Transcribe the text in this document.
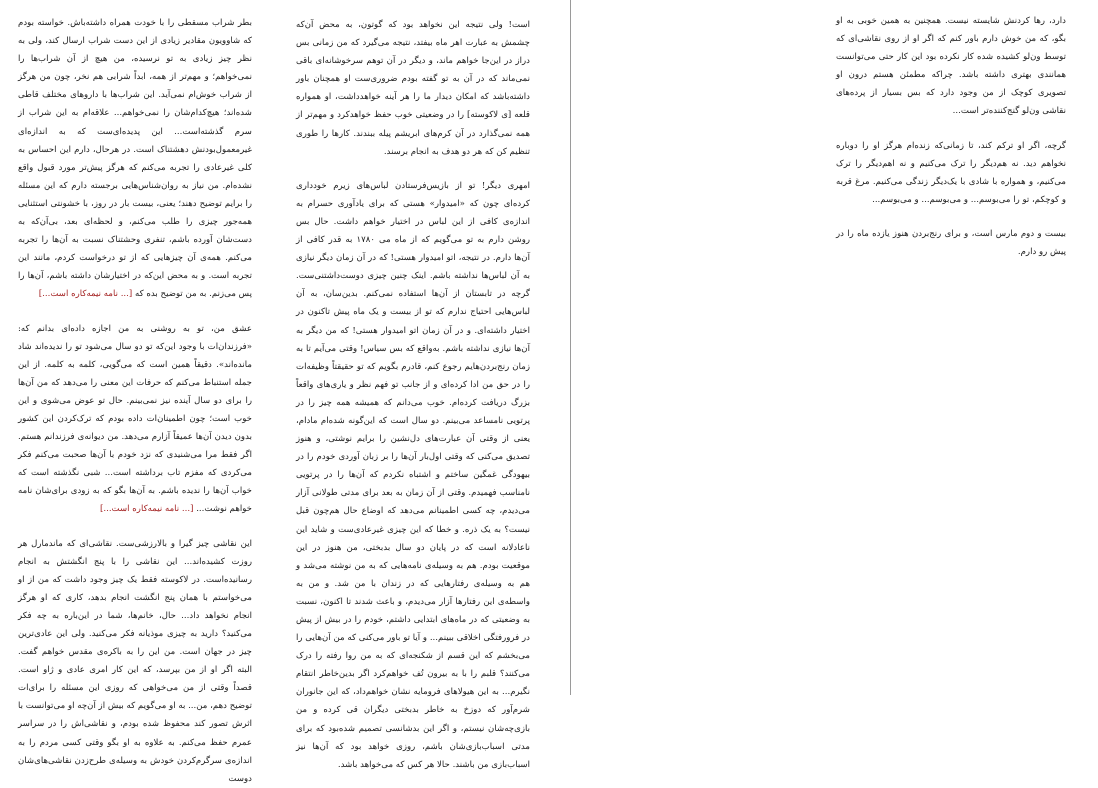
دارد، رها کردنش شایسته نیست. همچنین به همین خوبی به او بگو، که من خوش دارم باور کنم که اگر او از روی نقاشی‌ای که توسط ون‌لو کشیده شده کار نکرده بود این کار حتی می‌توانست همانندی بهتری داشته باشد. چراکه مطمئن هستم درون او تصویری کوچک از من وجود دارد که بس بسیار از پرده‌های نقاشی ون‌لو گنج‌کننده‌تر است...

گرچه، اگر او ترکم کند، تا زمانی‌که زنده‌ام هرگز او را دوباره نخواهم دید. نه هم‌دیگر را ترک می‌کنیم و نه اهم‌دیگر را ترک می‌کنیم، و همواره با شادی با یک‌دیگر زندگی می‌کنیم. مرغ قربه و کوچکم، تو را می‌بوسم... و می‌بوسم... و می‌بوسم...

بیست و دوم مارس است، و برای رنج‌بردن هنوز یازده ماه را در پیش رو دارم.

است! ولی نتیجه این نخواهد بود که گوتون، به محض آن‌که چشمش به عبارت اهر ماه بیفتد، نتیجه می‌گیرد که من زمانی بس دراز در این‌جا خواهم ماند، و دیگر در آن توهم سرخوشانه‌ای باقی نمی‌ماند که در آن به تو گفته بودم ضروری‌ست او همچنان باور داشته‌باشد که امکان دیدار ما را هر آینه خواهد‌داشت، او همواره قلعه [ی لاکوسته] را در وضعیتی خوب حفظ خواهدکرد و مهم‌تر از همه نمی‌گذارد در آن کرم‌های ابریشم پیله ببندند. کارها را طوری تنظیم کن که هر دو هدف به انجام برسند.

امهری دیگر! تو از بازیس‌فرستادن لباس‌های زیرم خودداری کرده‌ای چون که «امیدوار» هستی که برای یادآوری حسرام به اندازه‌ی کافی از این لباس در اختیار خواهم داشت. حال بس روشن دارم به تو می‌گویم که از ماه می ۱۷۸۰ به قدر کافی از آن‌ها دارم. در نتیجه، اتو امیدوار هستی! که در آن زمان دیگر نیازی به آن لباس‌ها نداشته باشم. اینک چنین چیزی دوست‌داشتنی‌ست. گرچه در تابستان از آن‌ها استفاده نمی‌کنم. بدین‌سان، به آن لباس‌هایی احتیاج ندارم که تو از بیست و یک ماه پیش تاکنون در اختیار داشته‌ای. و در آن زمان اتو امیدوار هستی! که من دیگر به آن‌ها نیازی نداشته باشم. به‌واقع که بس سیاس! وقتی می‌آیم تا به زمان رنج‌بردن‌هایم رجوع کنم، قادرم بگویم که تو حقیقتاً وظیفه‌ات را در حق من ادا کرده‌ای و از جانب تو فهم نظر و یاری‌های واقعاً بزرگ دریافت کرده‌ام. خوب می‌دانم که همیشه همه چیز را در پرتویی نامساعد می‌بینم. دو سال است که این‌گونه شده‌ام مادام، یعنی از وقتی آن عبارت‌های دل‌نشین را برایم نوشتی، و هنوز تصدیق می‌کنی که وقتی اول‌بار آن‌ها را بر زبان آوردی خودم را در بیهودگی غمگین ساختم و اشتباه نکردم که آن‌ها را در پرتویی نامناسب فهمیدم. وقتی از آن زمان به بعد برای مدتی طولانی آزار می‌دیدم، چه کسی اطمینانم می‌دهد که اوضاع حال هم‌چون قبل نیست؟ به یک ذره. و خطا که این چیزی غیرعادی‌ست و شاید این ناعادلانه است که در پایان دو سال بدبختی، من هنوز در این موقعیت بودم. هم به وسیله‌ی نامه‌هایی که به من نوشته می‌شد و هم به وسیله‌ی رفتارهایی که در زندان با من شد. و من به واسطه‌ی این رفتارها آزار می‌دیدم، و باعث شدند تا اکنون، نسبت به وضعیتی که در ماه‌های ابتدایی داشتم، خودم را در بیش از پیش در فرورفتگی اخلاقی ببینم... و آیا تو باور می‌کنی که من آن‌هایی را می‌بخشم که این قسم از شکنجه‌ای که به من روا رفته را درک می‌کنند؟ قلبم را با به بیرون تُف خواهم‌کرد اگر بدین‌خاطر انتقام نگیرم... به این هیولاهای فرومایه نشان خواهم‌داد، که این جانوران شرم‌آور که دوزخ به خاطر بدبختی دیگران قی کرده و من بازی‌چه‌شان نیستم، و اگر این بدشانسی تصمیم شده‌بود که برای مدتی اسباب‌بازی‌شان باشم، روزی خواهد بود که آن‌ها نیز اسباب‌بازی من باشند. حالا هر کس که می‌خواهد باشد.

بطر شراب مسقطی را با خودت همراه داشته‌باش. خواسته بودم که شاوویون مقادیر زیادی از این دست شراب ارسال کند، ولی به نظر چیز زیادی به تو نرسیده، من هیچ از آن شراب‌ها را نمی‌خواهم؛ و مهم‌تر از همه، ابداً شرابی هم نخر، چون من هرگز از شراب خوش‌ام نمی‌آید. این شراب‌ها با داروهای مختلف قاطی شده‌اند؛ هیچ‌کدام‌شان را نمی‌خواهم... علاقه‌ام به این شراب از سرم گذشته‌است... این پدیده‌ای‌ست که به اندازه‌ای غیرمعمول‌بودنش دهشتناک است. در هرحال، دارم این احساس به کلی غیرعادی را تجربه می‌کنم که هرگز پیش‌تر مورد قبول واقع نشده‌ام. من نیاز به روان‌شناس‌هایی برجسته دارم که این مسئله را برایم توضیح دهند؛ یعنی، بیست بار در روز، با خشونتی استثنایی همه‌جور چیزی را طلب می‌کنم، و لحظه‌ای بعد، بی‌آن‌که به دست‌شان آورده باشم، تنفری وحشتناک نسبت به آن‌ها را تجربه می‌کنم. همه‌ی آن چیزهایی که از تو درخواست کردم، مانند این تجربه است. و به محض این‌که در اختیارشان داشته باشم، آن‌ها را پس می‌زنم. به من توضیح بده که [... نامه نیمه‌کاره است...]

عشق من، تو به روشنی به من اجازه داده‌ای بدانم که: «فرزندان‌ات با وجود این‌که تو دو سال می‌شود تو را ندیده‌اند شاد مانده‌اند». دقیقاً همین است که می‌گویی، کلمه به کلمه. از این جمله استنباط می‌کنم که حرفات این معنی را می‌دهد که من آن‌ها را برای دو سال آینده نیز نمی‌بینم. حال تو عوض می‌شوی و این خوب است؛ چون اطمینان‌ات داده بودم که ترک‌کردن این کشور بدون دیدن آن‌ها عمیقاً آزارم می‌دهد. من دیوانه‌ی فرزندانم هستم. اگر فقط مرا می‌شنیدی که نزد خودم با آن‌ها صحبت می‌کنم فکر می‌کردی که مفزم تاب برداشته است... شبی نگذشته است که خواب آن‌ها را ندیده باشم. به آن‌ها بگو که به زودی برای‌شان نامه خواهم نوشت... [... نامه نیمه‌کاره است...]

این نقاشی چیز گیرا و بالارزشی‌ست. نقاشی‌ای که ماندمارل هر روزت کشیده‌اند... این نقاشی را با پنج انگشتش به انجام رسانیده‌است. در لاکوسته فقط یک چیز وجود داشت که من از او می‌خواستم با همان پنج انگشت انجام بدهد، کاری که او هرگز انجام نخواهد داد... حال، خانم‌ها، شما در این‌باره به چه فکر می‌کنید؟ دارید به چیزی موذیانه فکر می‌کنید. ولی این عادی‌ترین چیز در جهان است. من این را به باکره‌ی مقدس خواهم گفت. البته اگر او از من بپرسد، که این کار امری عادی و ژاو است. قصداً وقتی از من می‌خواهی که روزی این مسئله را برای‌ات توضیح دهم، من... به او می‌گویم که بیش از آن‌چه او می‌توانست با اثرش تصور کند محفوظ شده بودم، و نقاشی‌اش را در سراسر عمرم حفظ می‌کنم. به علاوه به او بگو وقتی کسی مردم را به اندازه‌ی سرگرم‌کردن خودش به وسیله‌ی طرح‌زدن نقاشی‌های‌شان دوست
